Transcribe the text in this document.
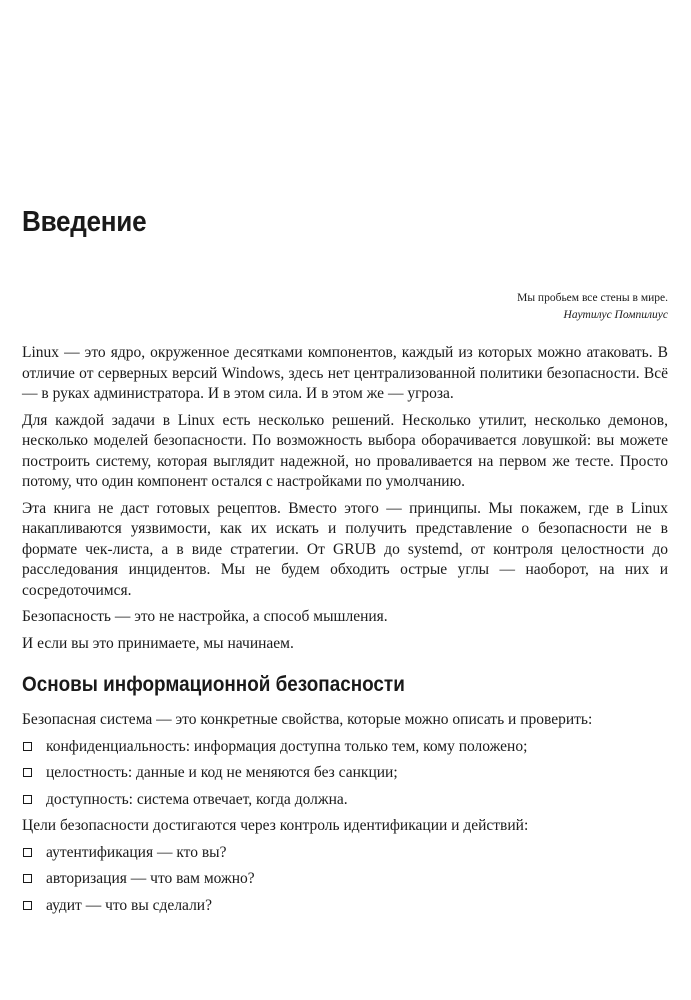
Введение
Мы пробьем все стены в мире.
Наутилус Помпилиус

Linux — это ядро, окруженное десятками компонентов, каждый из которых можно атаковать. В отличие от серверных версий Windows, здесь нет централизованной политики безопасности. Всё — в руках администратора. И в этом сила. И в этом же — угроза.

Для каждой задачи в Linux есть несколько решений. Несколько утилит, несколько демонов, несколько моделей безопасности. По возможность выбора оборачивается ловушкой: вы можете построить систему, которая выглядит надежной, но проваливается на первом же тесте. Просто потому, что один компонент остался с настройками по умолчанию.

Эта книга не даст готовых рецептов. Вместо этого — принципы. Мы покажем, где в Linux накапливаются уязвимости, как их искать и получить представление о безопасности не в формате чек-листа, а в виде стратегии. От GRUB до systemd, от контроля целостности до расследования инцидентов. Мы не будем обходить острые углы — наоборот, на них и сосредоточимся.

Безопасность — это не настройка, а способ мышления.

И если вы это принимаете, мы начинаем.

Основы информационной безопасности

Безопасная система — это конкретные свойства, которые можно описать и проверить:

конфиденциальность: информация доступна только тем, кому положено;
целостность: данные и код не меняются без санкции;
доступность: система отвечает, когда должна.

Цели безопасности достигаются через контроль идентификации и действий:

аутентификация — кто вы?
авторизация — что вам можно?
аудит — что вы сделали?
